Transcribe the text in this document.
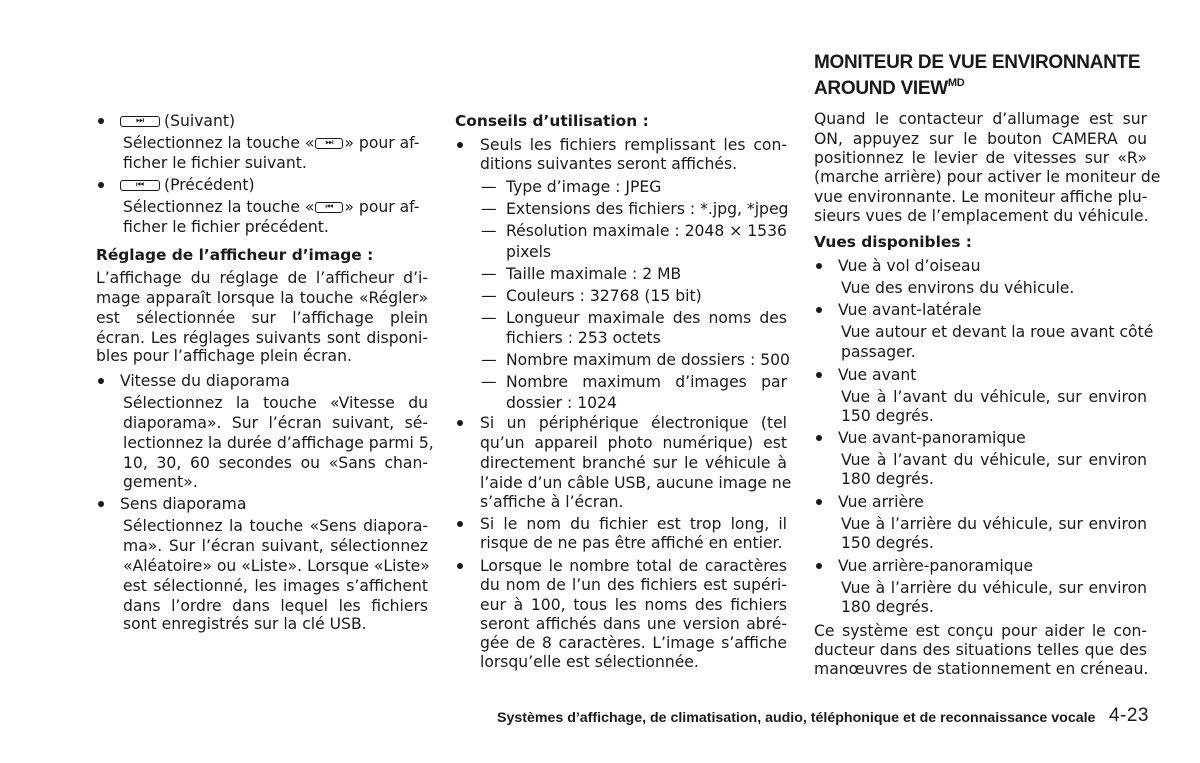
⏭	(Suivant)
Sélectionnez la touche «	⏭ » pour af-
ficher le fichier suivant.
⏮	(Précédent)
Sélectionnez la touche «	⏮ » pour af-
ficher le fichier précédent.
Réglage de l’afficheur d’image :
L’affichage du réglage de l’afficheur d’i-
mage apparaît lorsque la touche «Régler»
est sélectionnée sur l’affichage plein
écran. Les réglages suivants sont disponi-
bles pour l’affichage plein écran.
Vitesse du diaporama
Sélectionnez la touche «Vitesse du
diaporama». Sur l’écran suivant, sé-
lectionnez la durée d’affichage parmi 5,
10, 30, 60 secondes ou «Sans chan-
gement».
Sens diaporama
Sélectionnez la touche «Sens diapora-
ma». Sur l’écran suivant, sélectionnez
«Aléatoire» ou «Liste». Lorsque «Liste»
est sélectionné, les images s’affichent
dans l’ordre dans lequel les fichiers
sont enregistrés sur la clé USB.
Conseils d’utilisation :
Seuls les fichiers remplissant les con-
ditions suivantes seront affichés.
— Type d’image : JPEG
— Extensions des fichiers : *.jpg, *jpeg
— Résolution maximale : 2048 × 1536
pixels
— Taille maximale : 2 MB
— Couleurs : 32768 (15 bit)
— Longueur maximale des noms des
fichiers : 253 octets
— Nombre maximum de dossiers : 500
— Nombre maximum d’images par
dossier : 1024
Si un périphérique électronique (tel
qu’un appareil photo numérique) est
directement branché sur le véhicule à
l’aide d’un câble USB, aucune image ne
s’affiche à l’écran.
Si le nom du fichier est trop long, il
risque de ne pas être affiché en entier.
Lorsque le nombre total de caractères
du nom de l’un des fichiers est supéri-
eur à 100, tous les noms des fichiers
seront affichés dans une version abré-
gée de 8 caractères. L’image s’affiche
lorsqu’elle est sélectionnée.
MONITEUR DE VUE ENVIRONNANTE
AROUND $VIEW^{MD}$
Quand le contacteur d’allumage est sur
ON, appuyez sur le bouton CAMERA ou
positionnez le levier de vitesses sur «R»
(marche arrière) pour activer le moniteur de
vue environnante. Le moniteur affiche plu-
sieurs vues de l’emplacement du véhicule.
Vues disponibles :
Vue à vol d’oiseau
Vue des environs du véhicule.
Vue avant-latérale
Vue autour et devant la roue avant côté
passager.
Vue avant
Vue à l’avant du véhicule, sur environ
150 degrés.
Vue avant-panoramique
Vue à l’avant du véhicule, sur environ
180 degrés.
Vue arrière
Vue à l’arrière du véhicule, sur environ
150 degrés.
Vue arrière-panoramique
Vue à l’arrière du véhicule, sur environ
180 degrés.
Ce système est conçu pour aider le con-
ducteur dans des situations telles que des
manœuvres de stationnement en créneau.
Systèmes d’affichage, de climatisation, audio, téléphonique et de reconnaissance vocale 4-23
